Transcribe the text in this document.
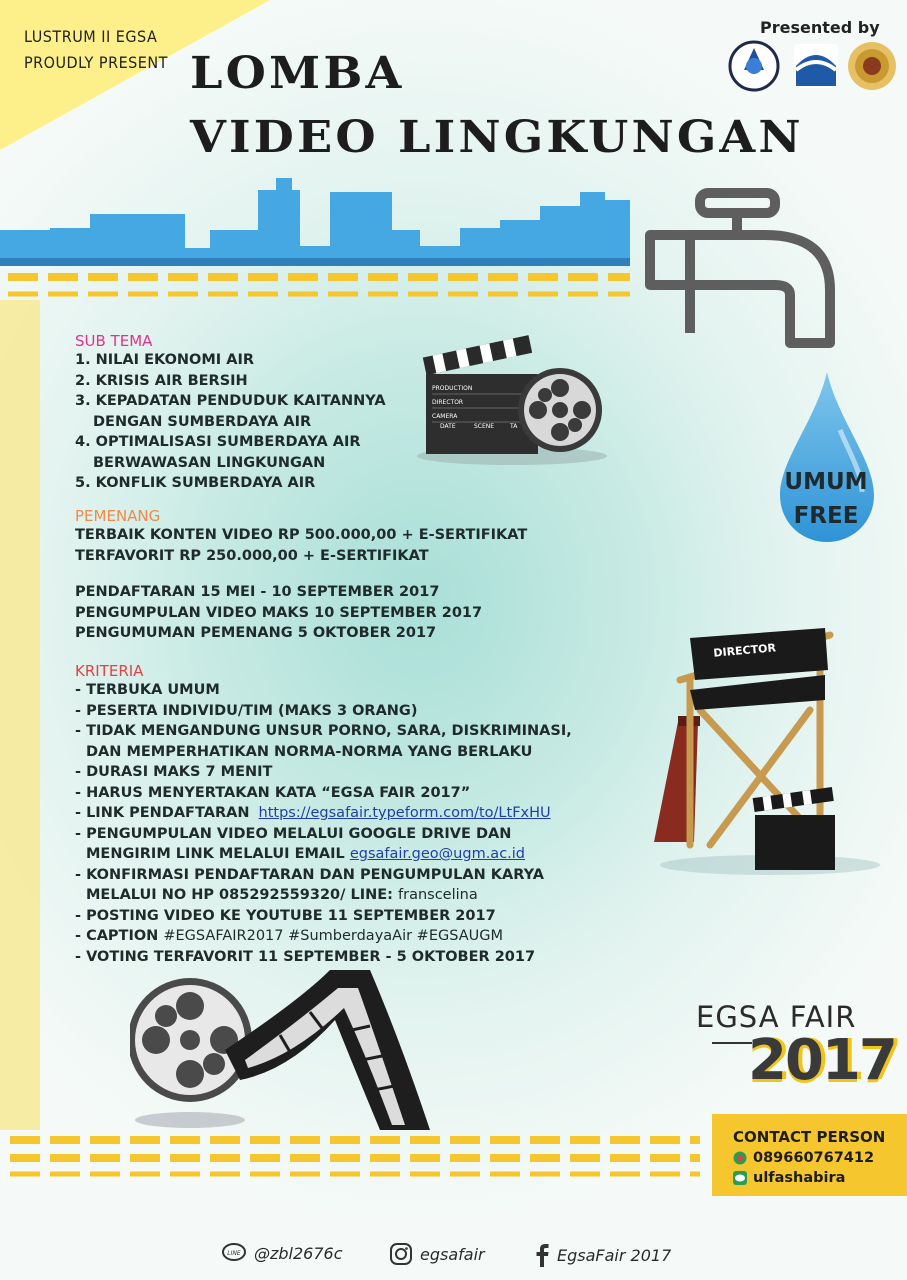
LUSTRUM II EGSA
PROUDLY PRESENT LOMBA
VIDEO LINGKUNGAN
Presented by
UMUM
FREE
PRODUCTION
DIRECTOR
CAMERA
DATE	SCENE	TA
SUB TEMA
1. NILAI EKONOMI AIR
2. KRISIS AIR BERSIH
3. KEPADATAN PENDUDUK KAITANNYA
DENGAN SUMBERDAYA AIR
4. OPTIMALISASI SUMBERDAYA AIR
BERWAWASAN LINGKUNGAN
5. KONFLIK SUMBERDAYA AIR
PEMENANG
TERBAIK KONTEN VIDEO RP 500.000,00 + E-SERTIFIKAT
TERFAVORIT RP 250.000,00 + E-SERTIFIKAT
PENDAFTARAN 15 MEI - 10 SEPTEMBER 2017
PENGUMPULAN VIDEO MAKS 10 SEPTEMBER 2017
PENGUMUMAN PEMENANG 5 OKTOBER 2017
KRITERIA
- TERBUKA UMUM
- PESERTA INDIVIDU/TIM (MAKS 3 ORANG)
- TIDAK MENGANDUNG UNSUR PORNO, SARA, DISKRIMINASI,
DAN MEMPERHATIKAN NORMA-NORMA YANG BERLAKU
- DURASI MAKS 7 MENIT
- HARUS MENYERTAKAN KATA “EGSA FAIR 2017”
- LINK PENDAFTARAN https://egsafair.typeform.com/to/LtFxHU
- PENGUMPULAN VIDEO MELALUI GOOGLE DRIVE DAN
MENGIRIM LINK MELALUI EMAIL egsafair.geo@ugm.ac.id
- KONFIRMASI PENDAFTARAN DAN PENGUMPULAN KARYA
MELALUI NO HP 085292559320/ LINE: franscelina
- POSTING VIDEO KE YOUTUBE 11 SEPTEMBER 2017
- CAPTION #EGSAFAIR2017 #SumberdayaAir #EGSAUGM
- VOTING TERFAVORIT 11 SEPTEMBER - 5 OKTOBER 2017
DIRECTOR
EGSA FAIR
2017
CONTACT PERSON
089660767412
ulfashabira
LINE @zbl2676c	egsafair	EgsaFair 2017
